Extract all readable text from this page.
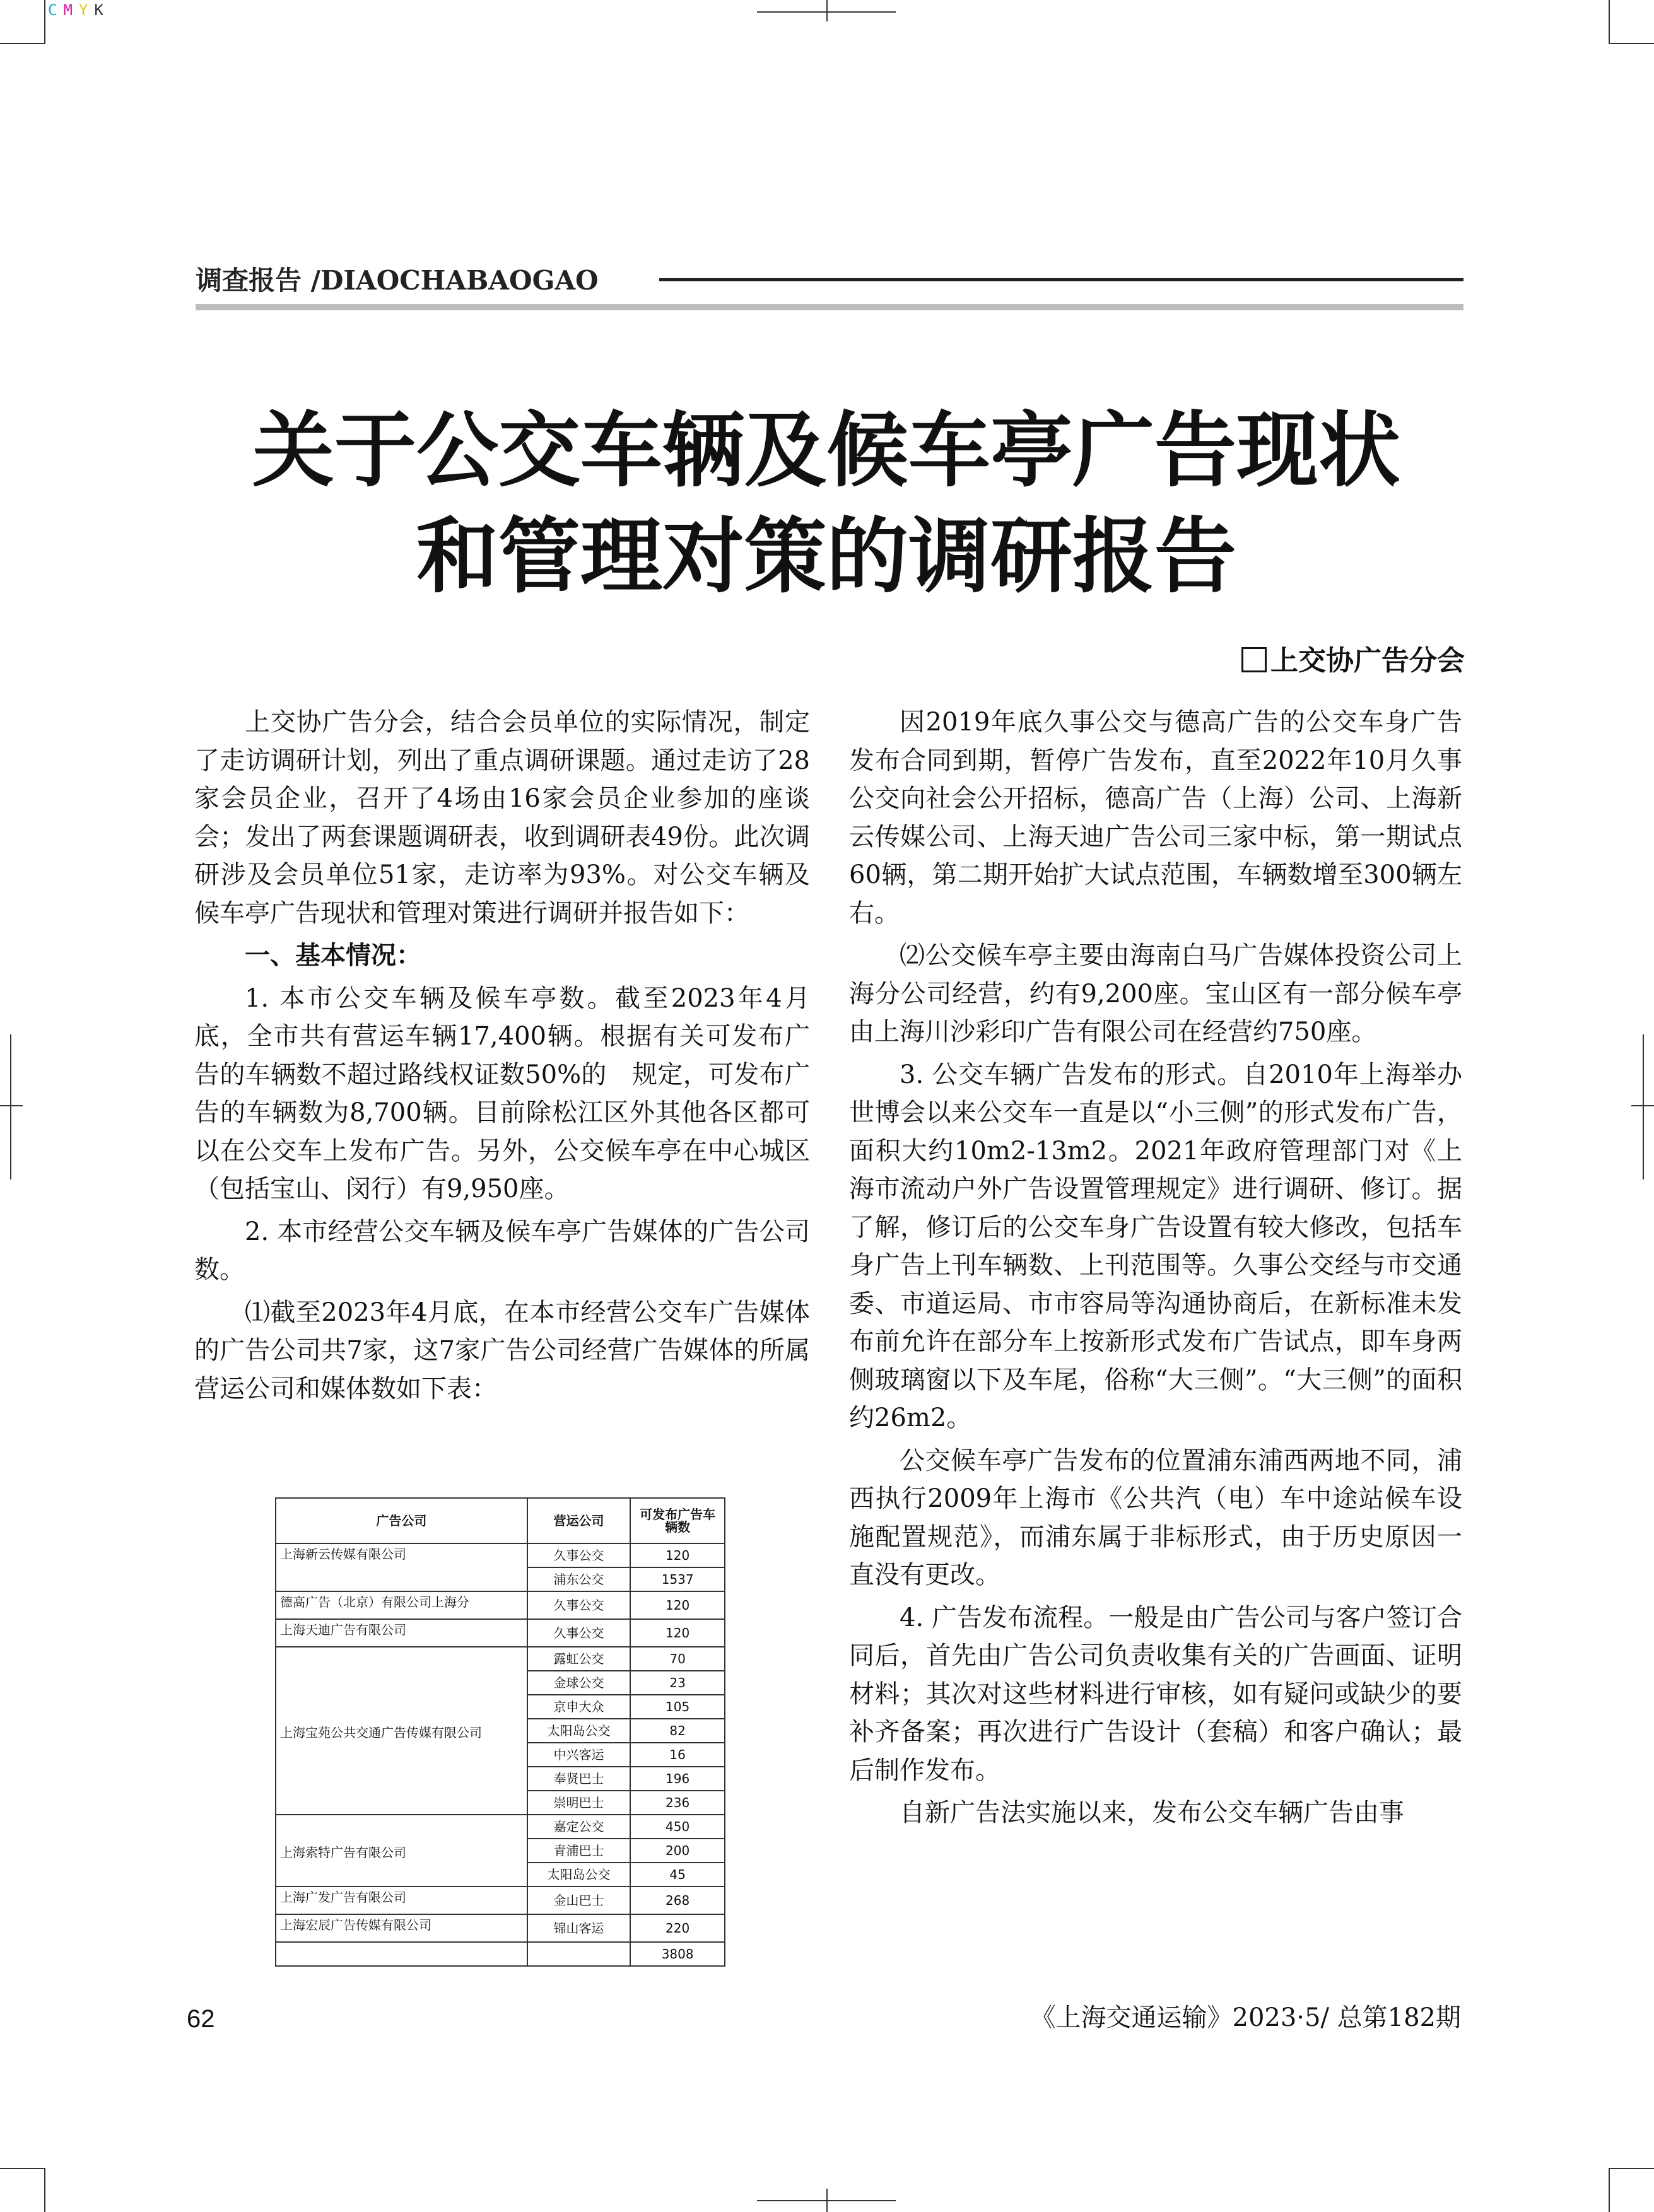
CMYK
调查报告 /DIAOCHABAOGAO
关于公交车辆及候车亭广告现状
和管理对策的调研报告
上交协广告分会

上交协广告分会，结合会员单位的实际情况，制定了走访调研计划，列出了重点调研课题。通过走访了28家会员企业，召开了4场由16家会员企业参加的座谈会；发出了两套课题调研表，收到调研表49份。此次调研涉及会员单位51家，走访率为93%。对公交车辆及候车亭广告现状和管理对策进行调研并报告如下：

一、基本情况：

1. 本市公交车辆及候车亭数。截至2023年4月底，全市共有营运车辆17,400辆。根据有关可发布广告的车辆数不超过路线权证数50%的　规定，可发布广告的车辆数为8,700辆。目前除松江区外其他各区都可以在公交车上发布广告。另外，公交候车亭在中心城区（包括宝山、闵行）有9,950座。

2. 本市经营公交车辆及候车亭广告媒体的广告公司数。

⑴截至2023年4月底，在本市经营公交车广告媒体的广告公司共7家，这7家广告公司经营广告媒体的所属营运公司和媒体数如下表：

广告公司	营运公司	可发布广告车辆数
上海新云传媒有限公司	久事公交	120
	浦东公交	1537
德高广告（北京）有限公司上海分	久事公交	120
上海天迪广告有限公司	久事公交	120
上海宝苑公共交通广告传媒有限公司	露虹公交	70
	金球公交	23
	京申大众	105
	太阳岛公交	82
	中兴客运	16
	奉贤巴士	196
	崇明巴士	236
上海索特广告有限公司	嘉定公交	450
	青浦巴士	200
	太阳岛公交	45
上海广发广告有限公司	金山巴士	268
上海宏辰广告传媒有限公司	锦山客运	220
		3808

因2019年底久事公交与德高广告的公交车身广告发布合同到期，暂停广告发布，直至2022年10月久事公交向社会公开招标，德高广告（上海）公司、上海新云传媒公司、上海天迪广告公司三家中标，第一期试点60辆，第二期开始扩大试点范围，车辆数增至300辆左右。

⑵公交候车亭主要由海南白马广告媒体投资公司上海分公司经营，约有9,200座。宝山区有一部分候车亭由上海川沙彩印广告有限公司在经营约750座。

3. 公交车辆广告发布的形式。自2010年上海举办世博会以来公交车一直是以“小三侧”的形式发布广告，面积大约10m2-13m2。2021年政府管理部门对《上海市流动户外广告设置管理规定》进行调研、修订。据了解，修订后的公交车身广告设置有较大修改，包括车身广告上刊车辆数、上刊范围等。久事公交经与市交通委、市道运局、市市容局等沟通协商后，在新标准未发布前允许在部分车上按新形式发布广告试点，即车身两侧玻璃窗以下及车尾，俗称“大三侧”。“大三侧”的面积约26m2。

公交候车亭广告发布的位置浦东浦西两地不同，浦西执行2009年上海市《公共汽（电）车中途站候车设施配置规范》，而浦东属于非标形式，由于历史原因一直没有更改。

4. 广告发布流程。一般是由广告公司与客户签订合同后，首先由广告公司负责收集有关的广告画面、证明材料；其次对这些材料进行审核，如有疑问或缺少的要补齐备案；再次进行广告设计（套稿）和客户确认；最后制作发布。

自新广告法实施以来，发布公交车辆广告由事

62	《上海交通运输》2023·5/ 总第182期
